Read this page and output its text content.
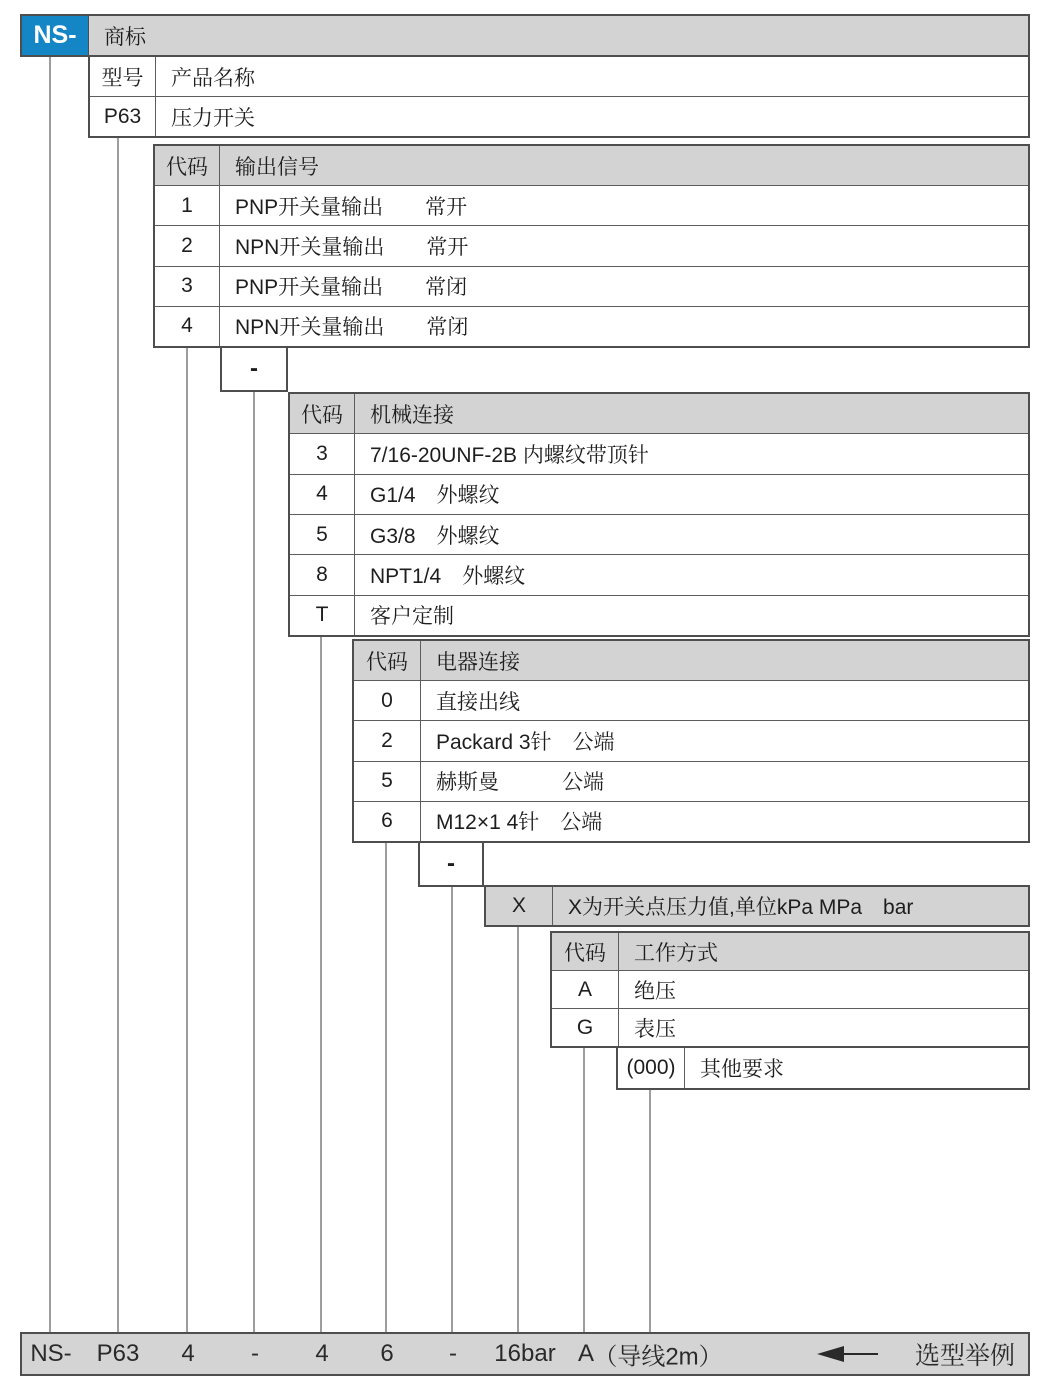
NS- 商标
型号 产品名称
P63 压力开关
代码 输出信号
1 PNP开关量输出　　常开
2 NPN开关量输出　　常开
3 PNP开关量输出　　常闭
4 NPN开关量输出　　常闭
-
代码 机械连接
3 7/16-20UNF-2B 内螺纹带顶针
4 G1/4　外螺纹
5 G3/8　外螺纹
8 NPT1/4　外螺纹
T 客户定制
代码 电器连接
0 直接出线
2 Packard 3针　公端
5 赫斯曼　　　公端
6 M12×1 4针　公端
-
X X为开关点压力值,单位kPa MPa　bar
代码 工作方式
A 绝压
G 表压
(000) 其他要求
NS- P63 4 - 4 6 - 16bar A （导线2m）	选型举例
